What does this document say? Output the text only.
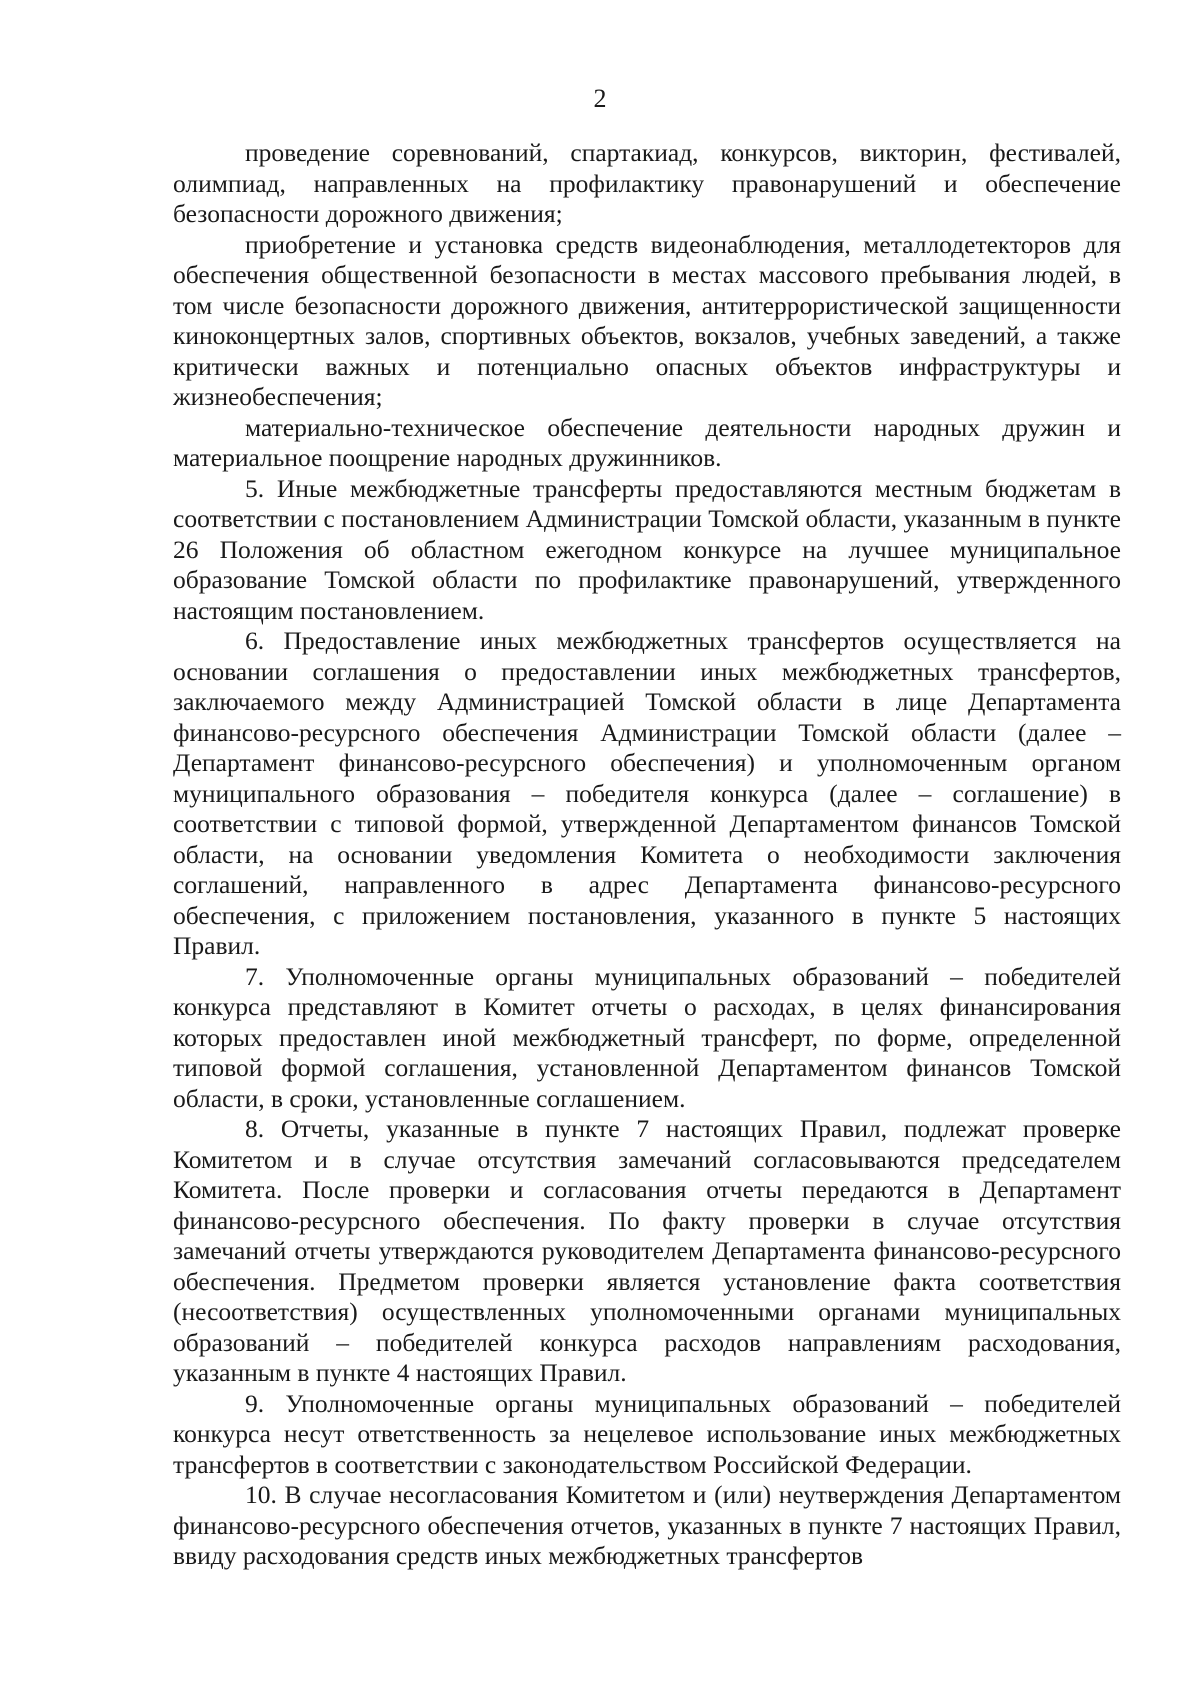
2

проведение соревнований, спартакиад, конкурсов, викторин, фестивалей, олимпиад, направленных на профилактику правонарушений и обеспечение безопасности дорожного движения;

приобретение и установка средств видеонаблюдения, металлодетекторов для обеспечения общественной безопасности в местах массового пребывания людей, в том числе безопасности дорожного движения, антитеррористической защищенности киноконцертных залов, спортивных объектов, вокзалов, учебных заведений, а также критически важных и потенциально опасных объектов инфраструктуры и жизнеобеспечения;

материально-техническое обеспечение деятельности народных дружин и материальное поощрение народных дружинников.

5. Иные межбюджетные трансферты предоставляются местным бюджетам в соответствии с постановлением Администрации Томской области, указанным в пункте 26 Положения об областном ежегодном конкурсе на лучшее муниципальное образование Томской области по профилактике правонарушений, утвержденного настоящим постановлением.

6. Предоставление иных межбюджетных трансфертов осуществляется на основании соглашения о предоставлении иных межбюджетных трансфертов, заключаемого между Администрацией Томской области в лице Департамента финансово-ресурсного обеспечения Администрации Томской области (далее – Департамент финансово-ресурсного обеспечения) и уполномоченным органом муниципального образования – победителя конкурса (далее – соглашение) в соответствии с типовой формой, утвержденной Департаментом финансов Томской области, на основании уведомления Комитета о необходимости заключения соглашений, направленного в адрес Департамента финансово-ресурсного обеспечения, с приложением постановления, указанного в пункте 5 настоящих Правил.

7. Уполномоченные органы муниципальных образований – победителей конкурса представляют в Комитет отчеты о расходах, в целях финансирования которых предоставлен иной межбюджетный трансферт, по форме, определенной типовой формой соглашения, установленной Департаментом финансов Томской области, в сроки, установленные соглашением.

8. Отчеты, указанные в пункте 7 настоящих Правил, подлежат проверке Комитетом и в случае отсутствия замечаний согласовываются председателем Комитета. После проверки и согласования отчеты передаются в Департамент финансово-ресурсного обеспечения. По факту проверки в случае отсутствия замечаний отчеты утверждаются руководителем Департамента финансово-ресурсного обеспечения. Предметом проверки является установление факта соответствия (несоответствия) осуществленных уполномоченными органами муниципальных образований – победителей конкурса расходов направлениям расходования, указанным в пункте 4 настоящих Правил.

9. Уполномоченные органы муниципальных образований – победителей конкурса несут ответственность за нецелевое использование иных межбюджетных трансфертов в соответствии с законодательством Российской Федерации.

10. В случае несогласования Комитетом и (или) неутверждения Департаментом финансово-ресурсного обеспечения отчетов, указанных в пункте 7 настоящих Правил, ввиду расходования средств иных межбюджетных трансфертов
